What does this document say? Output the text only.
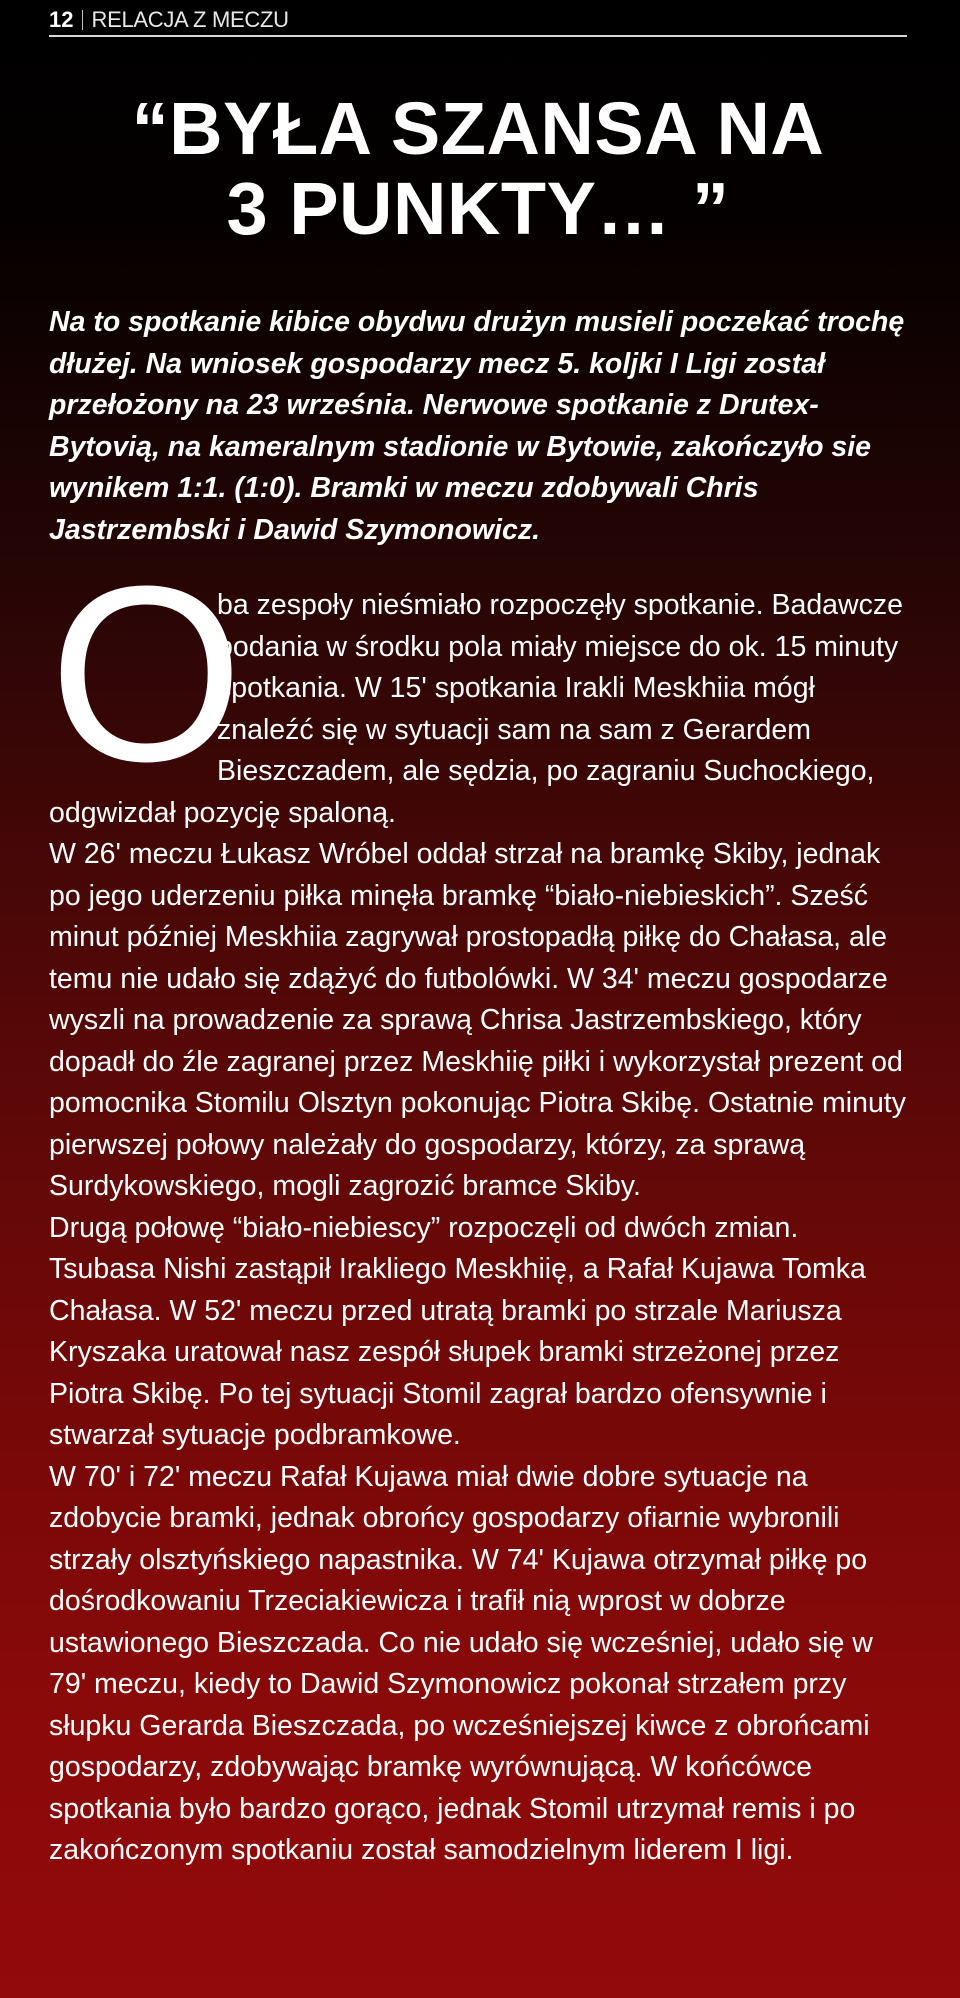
12 RELACJA Z MECZU
“BYŁA SZANSA NA
3 PUNKTY… ”

Na to spotkanie kibice obydwu drużyn musieli poczekać trochę dłużej. Na wniosek gospodarzy mecz 5. koljki I Ligi został przełożony na 23 września. Nerwowe spotkanie z Drutex-Bytovią, na kameralnym stadionie w Bytowie, zakończyło sie wynikem 1:1. (1:0). Bramki w meczu zdobywali Chris Jastrzembski i Dawid Szymonowicz.

O

ba zespoły nieśmiało rozpoczęły spotkanie. Badawcze podania w środku pola miały miejsce do ok. 15 minuty spotkania. W 15' spotkania Irakli Meskhiia mógł znaleźć się w sytuacji sam na sam z Gerardem Bieszczadem, ale sędzia, po zagraniu Suchockiego, odgwizdał pozycję spaloną.

W 26' meczu Łukasz Wróbel oddał strzał na bramkę Skiby, jednak po jego uderzeniu piłka minęła bramkę “biało-niebieskich”. Sześć minut później Meskhiia zagrywał prostopadłą piłkę do Chałasa, ale temu nie udało się zdążyć do futbolówki. W 34' meczu gospodarze wyszli na prowadzenie za sprawą Chrisa Jastrzembskiego, który dopadł do źle zagranej przez Meskhiię piłki i wykorzystał prezent od pomocnika Stomilu Olsztyn pokonując Piotra Skibę. Ostatnie minuty pierwszej połowy należały do gospodarzy, którzy, za sprawą Surdykowskiego, mogli zagrozić bramce Skiby.

Drugą połowę “biało-niebiescy” rozpoczęli od dwóch zmian. Tsubasa Nishi zastąpił Irakliego Meskhiię, a Rafał Kujawa Tomka Chałasa. W 52' meczu przed utratą bramki po strzale Mariusza Kryszaka uratował nasz zespół słupek bramki strzeżonej przez Piotra Skibę. Po tej sytuacji Stomil zagrał bardzo ofensywnie i stwarzał sytuacje podbramkowe.

W 70' i 72' meczu Rafał Kujawa miał dwie dobre sytuacje na zdobycie bramki, jednak obrońcy gospodarzy ofiarnie wybronili strzały olsztyńskiego napastnika. W 74' Kujawa otrzymał piłkę po dośrodkowaniu Trzeciakiewicza i trafił nią wprost w dobrze ustawionego Bieszczada. Co nie udało się wcześniej, udało się w 79' meczu, kiedy to Dawid Szymonowicz pokonał strzałem przy słupku Gerarda Bieszczada, po wcześniejszej kiwce z obrońcami gospodarzy, zdobywając bramkę wyrównującą. W końcówce spotkania było bardzo gorąco, jednak Stomil utrzymał remis i po zakończonym spotkaniu został samodzielnym liderem I ligi.
